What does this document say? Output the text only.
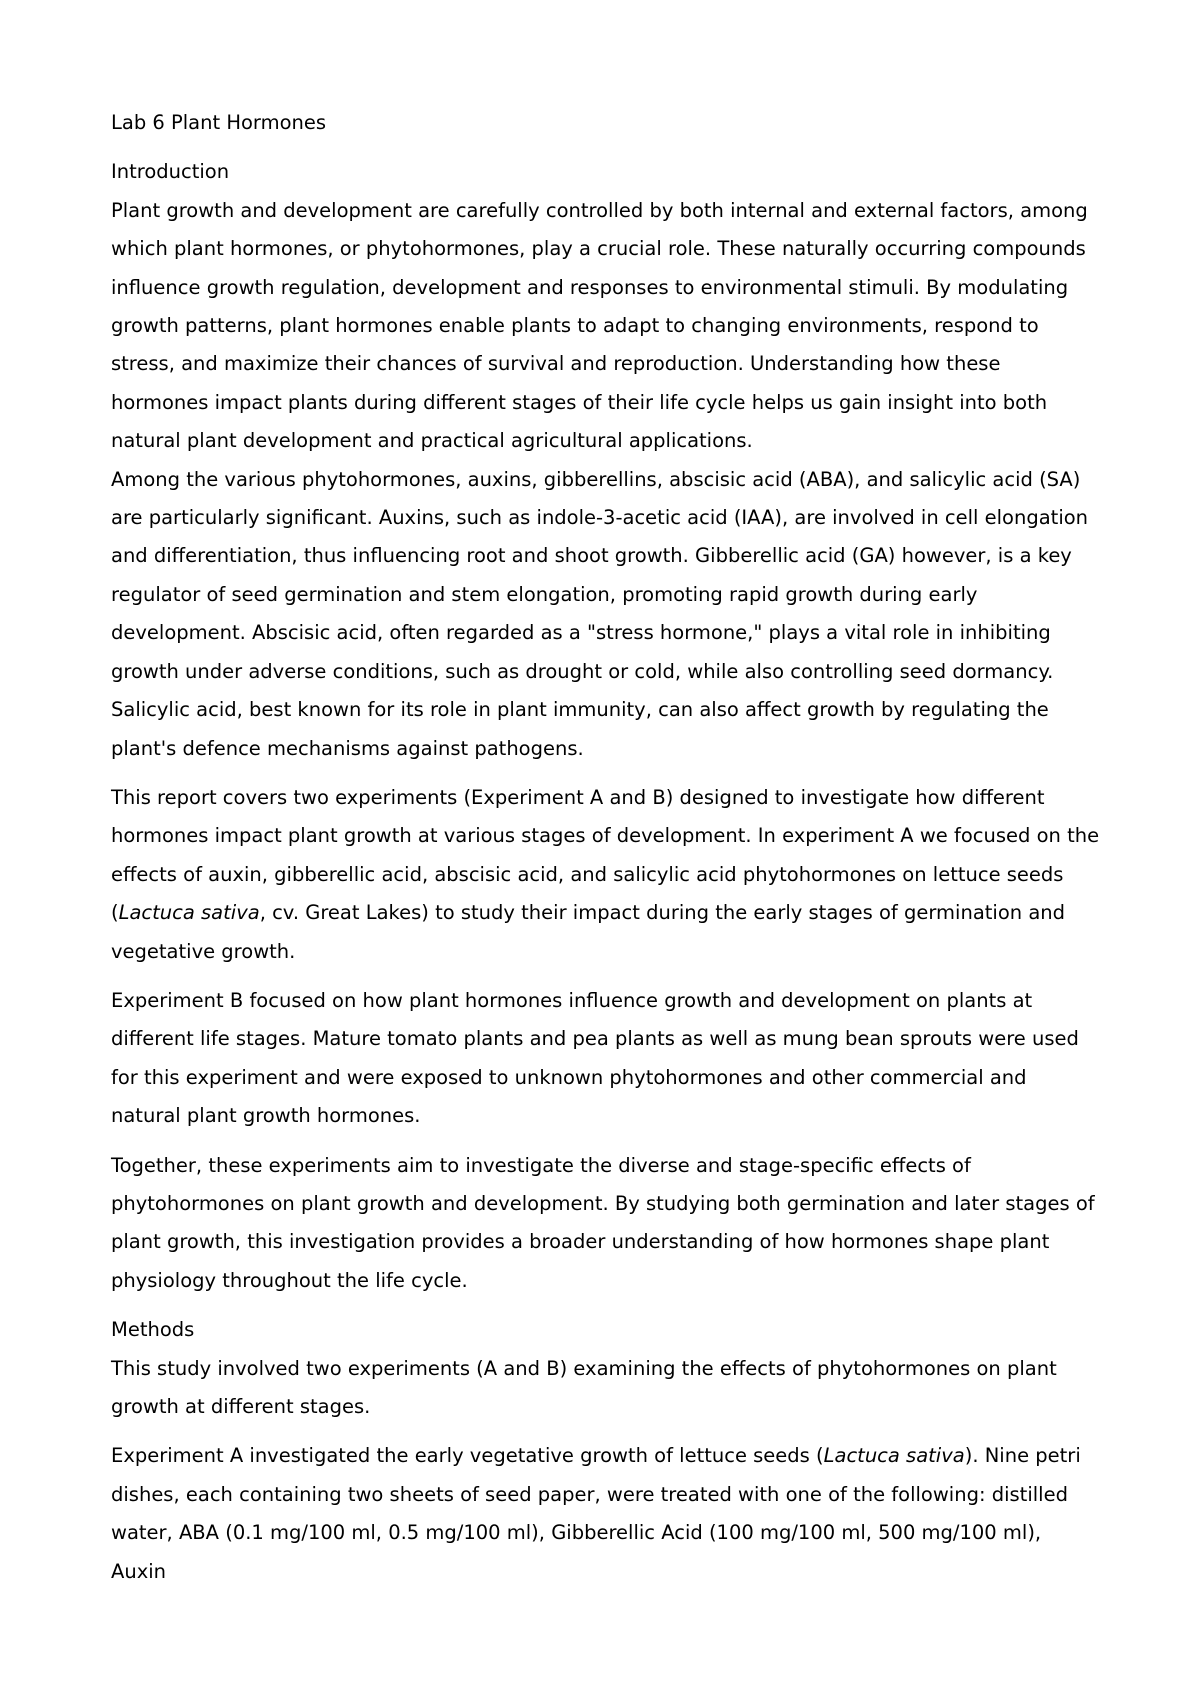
Lab 6 Plant Hormones
Introduction

Plant growth and development are carefully controlled by both internal and external factors, among which plant hormones, or phytohormones, play a crucial role. These naturally occurring compounds influence growth regulation, development and responses to environmental stimuli. By modulating growth patterns, plant hormones enable plants to adapt to changing environments, respond to stress, and maximize their chances of survival and reproduction. Understanding how these hormones impact plants during different stages of their life cycle helps us gain insight into both natural plant development and practical agricultural applications.

Among the various phytohormones, auxins, gibberellins, abscisic acid (ABA), and salicylic acid (SA) are particularly significant. Auxins, such as indole-3-acetic acid (IAA), are involved in cell elongation and differentiation, thus influencing root and shoot growth. Gibberellic acid (GA) however, is a key regulator of seed germination and stem elongation, promoting rapid growth during early development. Abscisic acid, often regarded as a "stress hormone," plays a vital role in inhibiting growth under adverse conditions, such as drought or cold, while also controlling seed dormancy. Salicylic acid, best known for its role in plant immunity, can also affect growth by regulating the plant's defence mechanisms against pathogens.

This report covers two experiments (Experiment A and B) designed to investigate how different hormones impact plant growth at various stages of development. In experiment A we focused on the effects of auxin, gibberellic acid, abscisic acid, and salicylic acid phytohormones on lettuce seeds (Lactuca sativa, cv. Great Lakes) to study their impact during the early stages of germination and vegetative growth.

Experiment B focused on how plant hormones influence growth and development on plants at different life stages. Mature tomato plants and pea plants as well as mung bean sprouts were used for this experiment and were exposed to unknown phytohormones and other commercial and natural plant growth hormones.

Together, these experiments aim to investigate the diverse and stage-specific effects of phytohormones on plant growth and development. By studying both germination and later stages of plant growth, this investigation provides a broader understanding of how hormones shape plant physiology throughout the life cycle.

Methods

This study involved two experiments (A and B) examining the effects of phytohormones on plant growth at different stages.

Experiment A investigated the early vegetative growth of lettuce seeds (Lactuca sativa). Nine petri dishes, each containing two sheets of seed paper, were treated with one of the following: distilled water, ABA (0.1 mg/100 ml, 0.5 mg/100 ml), Gibberellic Acid (100 mg/100 ml, 500 mg/100 ml), Auxin
